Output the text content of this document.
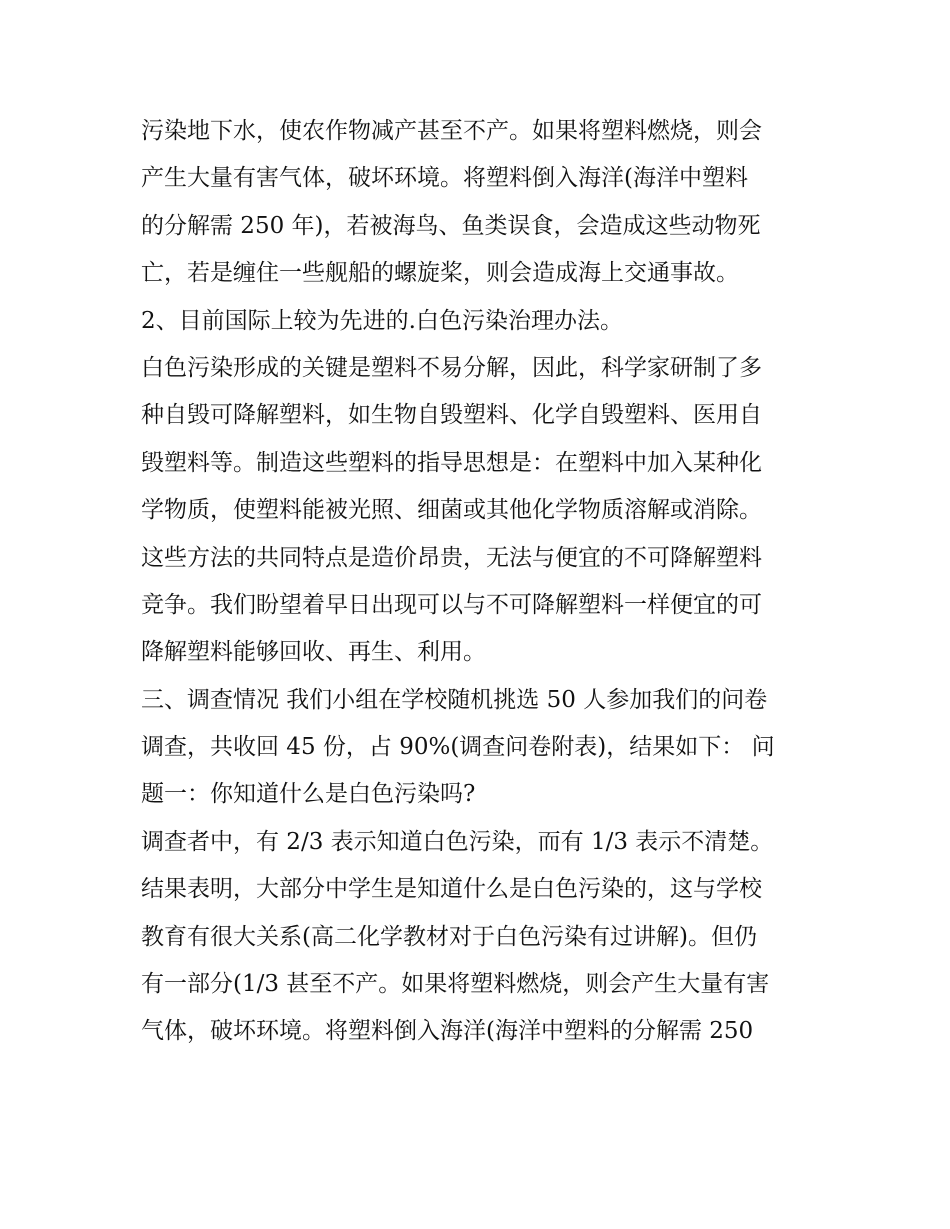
污染地下水，使农作物减产甚至不产。如果将塑料燃烧，则会
产生大量有害气体，破坏环境。将塑料倒入海洋(海洋中塑料
的分解需 250 年)，若被海鸟、鱼类误食，会造成这些动物死
亡，若是缠住一些舰船的螺旋桨，则会造成海上交通事故。
2、目前国际上较为先进的.白色污染治理办法。
白色污染形成的关键是塑料不易分解，因此，科学家研制了多
种自毁可降解塑料，如生物自毁塑料、化学自毁塑料、医用自
毁塑料等。制造这些塑料的指导思想是：在塑料中加入某种化
学物质，使塑料能被光照、细菌或其他化学物质溶解或消除。
这些方法的共同特点是造价昂贵，无法与便宜的不可降解塑料
竞争。我们盼望着早日出现可以与不可降解塑料一样便宜的可
降解塑料能够回收、再生、利用。
三、调查情况 我们小组在学校随机挑选 50 人参加我们的问卷
调查，共收回 45 份，占 90%(调查问卷附表)，结果如下： 问
题一：你知道什么是白色污染吗?
调查者中，有 2/3 表示知道白色污染，而有 1/3 表示不清楚。
结果表明，大部分中学生是知道什么是白色污染的，这与学校
教育有很大关系(高二化学教材对于白色污染有过讲解)。但仍
有一部分(1/3 甚至不产。如果将塑料燃烧，则会产生大量有害
气体，破坏环境。将塑料倒入海洋(海洋中塑料的分解需 250
